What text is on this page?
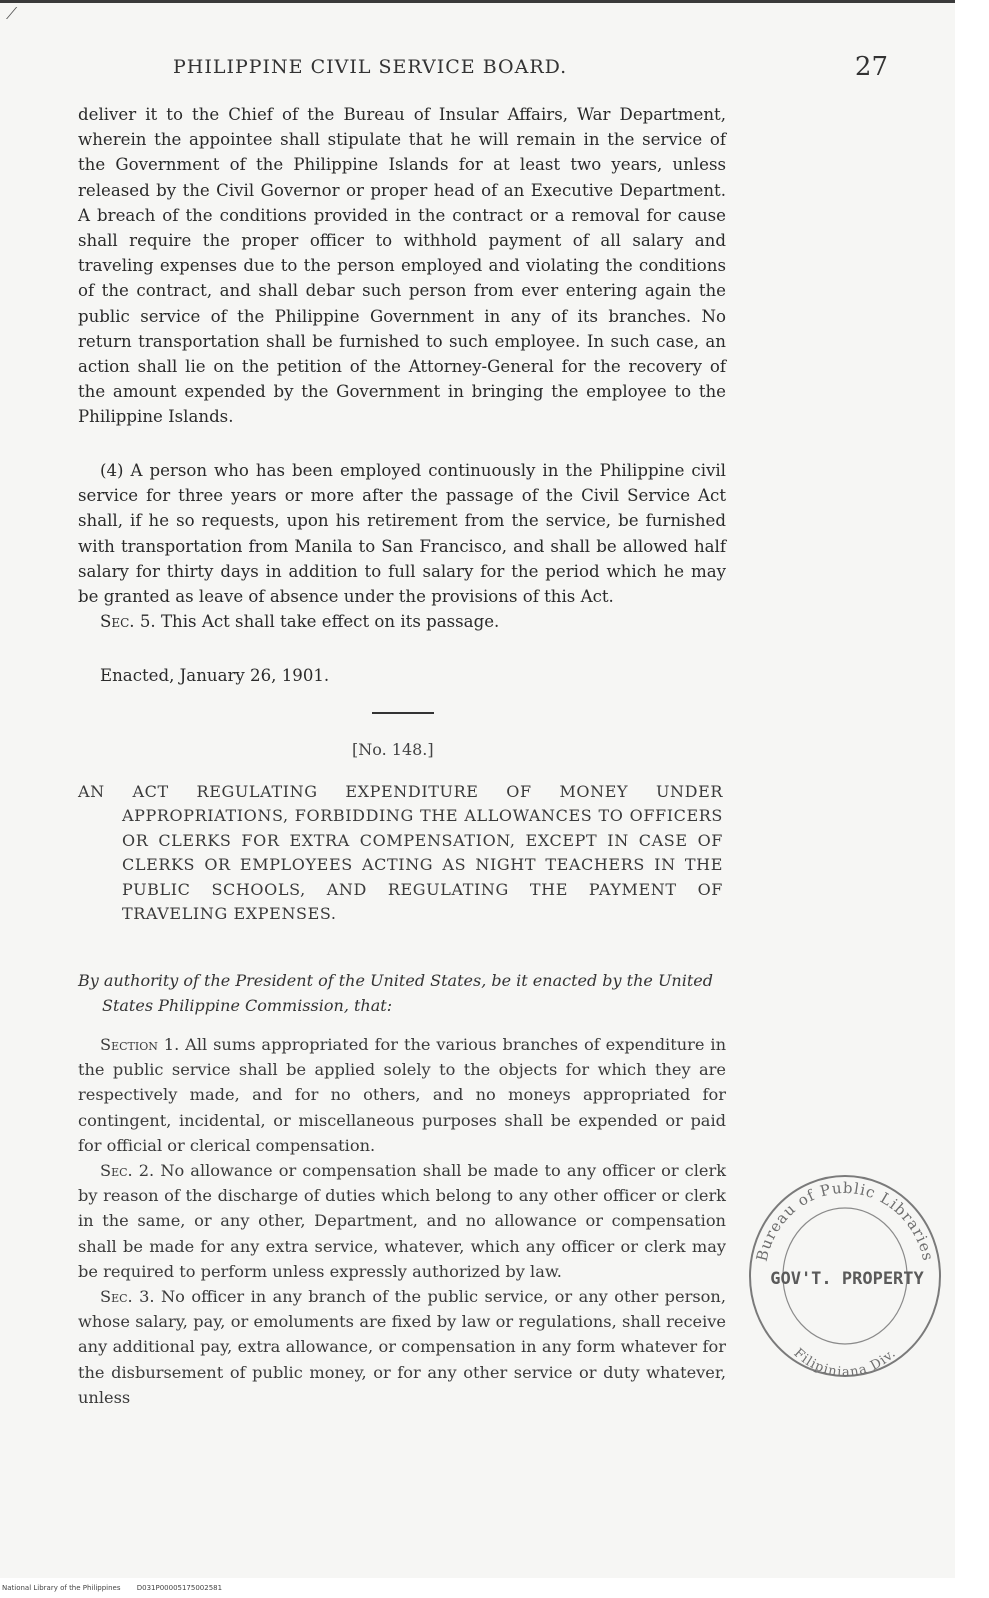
⟋
PHILIPPINE CIVIL SERVICE BOARD.	27

deliver it to the Chief of the Bureau of Insular Affairs, War Department, wherein the appointee shall stipulate that he will remain in the service of the Government of the Philippine Islands for at least two years, unless released by the Civil Governor or proper head of an Executive Department. A breach of the conditions provided in the contract or a removal for cause shall require the proper officer to withhold payment of all salary and traveling expenses due to the person employed and violating the conditions of the contract, and shall debar such person from ever entering again the public service of the Philippine Government in any of its branches. No return transportation shall be furnished to such employee. In such case, an action shall lie on the petition of the Attorney-General for the recovery of the amount expended by the Government in bringing the employee to the Philippine Islands.

(4) A person who has been employed continuously in the Philippine civil service for three years or more after the passage of the Civil Service Act shall, if he so requests, upon his retirement from the service, be furnished with transportation from Manila to San Francisco, and shall be allowed half salary for thirty days in addition to full salary for the period which he may be granted as leave of absence under the provisions of this Act.

Sec. 5. This Act shall take effect on its passage.

Enacted, January 26, 1901.
[No. 148.]

AN ACT REGULATING EXPENDITURE OF MONEY UNDER APPROPRIATIONS, FORBIDDING THE ALLOWANCES TO OFFICERS OR CLERKS FOR EXTRA COMPENSATION, EXCEPT IN CASE OF CLERKS OR EMPLOYEES ACTING AS NIGHT TEACHERS IN THE PUBLIC SCHOOLS, AND REGULATING THE PAYMENT OF TRAVELING EXPENSES.

By authority of the President of the United States, be it enacted by the United States Philippine Commission, that:

Section 1. All sums appropriated for the various branches of expenditure in the public service shall be applied solely to the objects for which they are respectively made, and for no others, and no moneys appropriated for contingent, incidental, or miscellaneous purposes shall be expended or paid for official or clerical compensation.

Sec. 2. No allowance or compensation shall be made to any officer or clerk by reason of the discharge of duties which belong to any other officer or clerk in the same, or any other, Department, and no allowance or compensation shall be made for any extra service, whatever, which any officer or clerk may be required to perform unless expressly authorized by law.

Sec. 3. No officer in any branch of the public service, or any other person, whose salary, pay, or emoluments are fixed by law or regulations, shall receive any additional pay, extra allowance, or compensation in any form whatever for the disbursement of public money, or for any other service or duty whatever, unless

Bureau of Public Libraries
Filipiniana Div.
GOV'T. PROPERTY
National Library of the Philippines D031P00005175002581
